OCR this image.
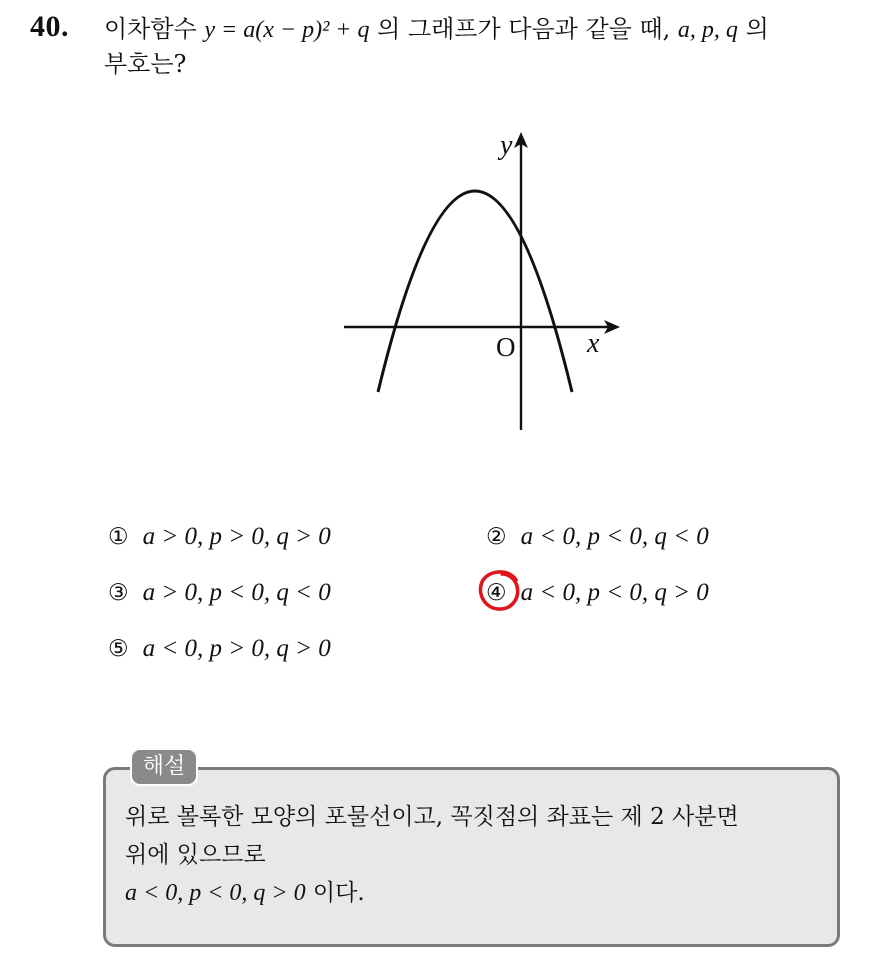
40. 이차함수 y = a(x − p)² + q 의 그래프가 다음과 같을 때, a, p, q 의
부호는?
y
x
O
① a > 0, p > 0, q > 0	② a < 0, p < 0, q < 0
③ a > 0, p < 0, q < 0	④ a < 0, p < 0, q > 0
⑤ a < 0, p > 0, q > 0
해설
위로 볼록한 모양의 포물선이고, 꼭짓점의 좌표는 제 2 사분면
위에 있으므로
a < 0, p < 0, q > 0 이다.
